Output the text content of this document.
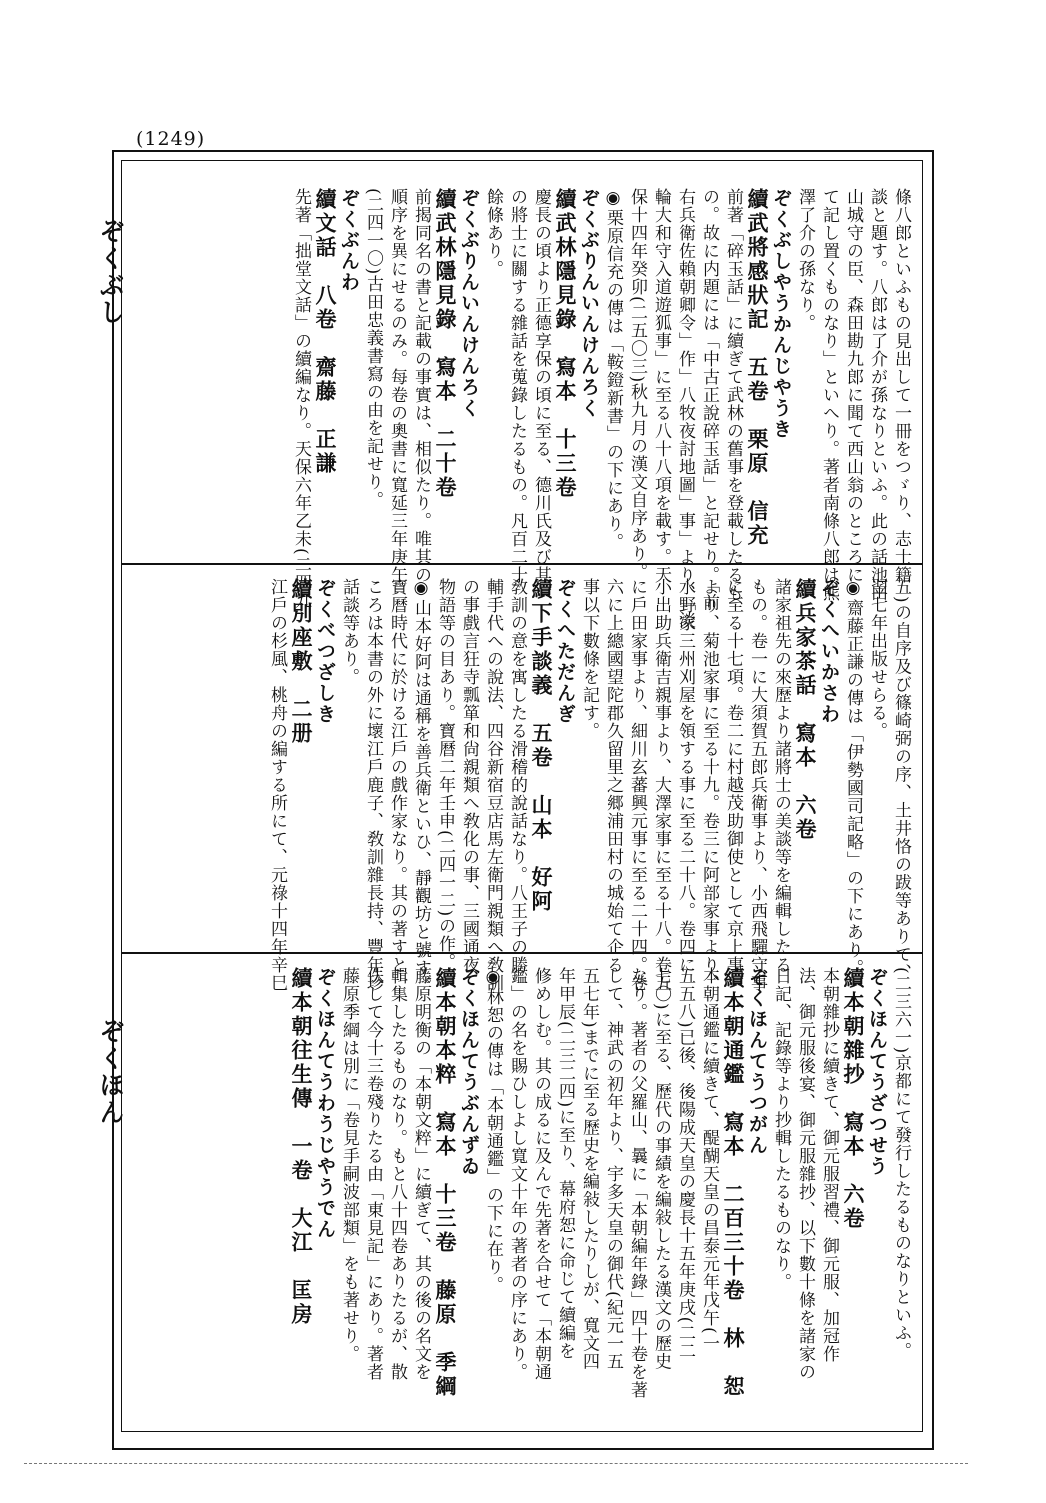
(1249)
ぞくぶし
ぞくほん
條八郎といふもの見出して一冊をつゞり、志士籍
談と題す。八郎は了介が孫なりといふ。此の話池田
山城守の臣、森田勘九郎に聞て西山翁のところに
て記し置くものなり」といへり。著者南條八郎は熊
澤了介の孫なり。
ぞくぶしやうかんじやうき
續武將感狀記　五卷　栗原　信充
前著「碎玉話」に續ぎて武林の舊事を登載したるも
の。故に内題には「中古正說碎玉話」と記せり。「前
右兵衛佐賴朝卿令」作」八牧夜討地圖」事」より、「淡
輪大和守入道遊狐事」に至る八十八項を載す。天
保十四年癸卯(二五〇三)秋九月の漢文自序あり。
◉栗原信充の傳は「鞍鐙新書」の下にあり。
ぞくぶりんいんけんろく
續武林隱見錄　寫本　十三卷
慶長の頃より正德享保の頃に至る、德川氏及び其
の將士に關する雜話を蒐錄したるもの。凡百二十
餘條あり。
ぞくぶりんいんけんろく
續武林隱見錄　寫本　二十卷
前揭同名の書と記載の事實は、相似たり。唯其の
順序を異にせるのみ。每卷の奧書に寬延三年庚午
(二四一〇)古田忠義書寫の由を記せり。
ぞくぶんわ
續文話　八卷　齋藤　正謙
先著「拙堂文話」の續編なり。天保六年乙未(二四九
五)の自序及び篠崎弼の序、土井恪の跋等ありて、
翌七年出版せらる。
◉齋藤正謙の傳は「伊勢國司記略」の下にあり。
ぞくへいかさわ
續兵家茶話　寫本　六卷
諸家祖先の來歷より諸將士の美談等を編輯したる
もの。卷一に大須賀五郎兵衛事より、小西飛驒守事
に至る十七項。卷二に村越茂助御使として京上事
より、菊池家事に至る十九。卷三に阿部家事より、
水野家三州刈屋を領する事に至る二十八。卷四に
小出助兵衛吉親事より、大澤家事に至る十八。卷五
に戶田家事より、細川玄蕃興元事に至る二十四。卷
六に上總國望陀郡久留里之郷浦田村の城始て企る
事以下數條を記す。
ぞくへただんぎ
續下手談義　五卷　山本　好阿
敎訓の意を寓したる滑稽的說話なり。八王子の勝
輔手代への說法、四谷新宿豆店馬左衛門親類へ敎訓
の事戲言狂寺瓢箪和尙親類へ敎化の事、三國通夜
物語等の目あり。寶曆二年壬申(二四一二)の作。
◉山本好阿は通稱を善兵衛といひ、靜觀坊と號す。
寶曆時代に於ける江戶の戲作家なり。其の著すと
ころは本書の外に壞江戶鹿子、敎訓雜長持、豐年珍
話談等あり。
ぞくべつざしき
續別座敷　二册
江戶の杉風、桃舟の編する所にて、元祿十四年辛巳
(二三六一)京都にて發行したるものなりといふ。
ぞくほんてうざつせう
續本朝雜抄　寫本　六卷
本朝雜抄に續きて、御元服習禮、御元服、加冠作
法、御元服後宴、御元服雜抄、以下數十條を諸家の
日記、記錄等より抄輯したるものなり。
ぞくほんてうつがん
續本朝通鑑　寫本　二百三十卷　林　恕
本朝通鑑に續きて、醍醐天皇の昌泰元年戊午(一
五五八)已後、後陽成天皇の慶長十五年庚戌(二二
七〇)に至る、歷代の事績を編敍したる漢文の歷史
なり。著者の父羅山、曩に「本朝編年錄」四十卷を著
して、神武の初年より、宇多天皇の御代(紀元一五
五七年)までに至る歷史を編敍したりしが、寬文四
年甲辰(二三二四)に至り、幕府恕に命じて續編を
修めしむ。其の成るに及んで先著を合せて「本朝通
鑑」の名を賜ひしよし寬文十年の著者の序にあり。
◉林恕の傳は「本朝通鑑」の下に在り。
ぞくほんてうぶんずゐ
續本朝本粹　寫本　十三卷　藤原　季綱
藤原明衡の「本朝文粹」に續ぎて、其の後の名文を
輯集したるものなり。もと八十四卷ありたるが、散
佚して今十三卷殘りたる由「東見記」にあり。著者
藤原季綱は別に「卷見手嗣波部類」をも著せり。
ぞくほんてうわうじやうでん
續本朝往生傳　一卷　大江　匡房
